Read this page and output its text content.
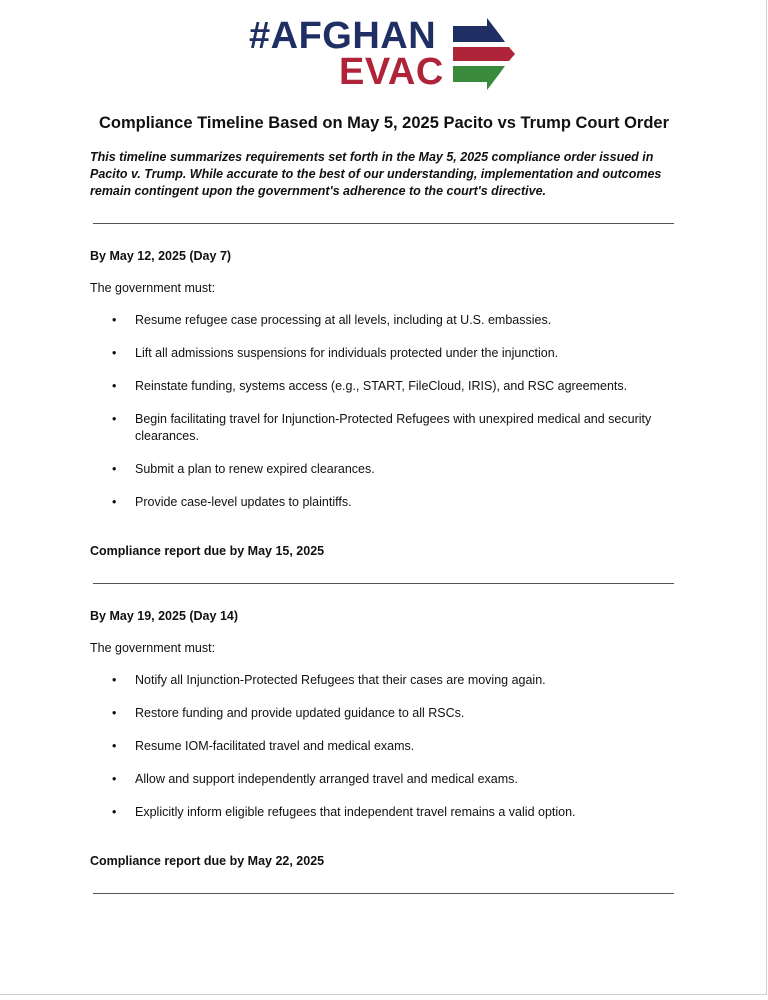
#AFGHAN
EVAC
Compliance Timeline Based on May 5, 2025 Pacito vs Trump Court Order
This timeline summarizes requirements set forth in the May 5, 2025 compliance order issued in Pacito v. Trump. While accurate to the best of our understanding, implementation and outcomes remain contingent upon the government's adherence to the court's directive.
By May 12, 2025 (Day 7)
The government must:
•	Resume refugee case processing at all levels, including at U.S. embassies.
•	Lift all admissions suspensions for individuals protected under the injunction.
•	Reinstate funding, systems access (e.g., START, FileCloud, IRIS), and RSC agreements.
•	Begin facilitating travel for Injunction-Protected Refugees with unexpired medical and security clearances.
•	Submit a plan to renew expired clearances.
•	Provide case-level updates to plaintiffs.
Compliance report due by May 15, 2025
By May 19, 2025 (Day 14)
The government must:
•	Notify all Injunction-Protected Refugees that their cases are moving again.
•	Restore funding and provide updated guidance to all RSCs.
•	Resume IOM-facilitated travel and medical exams.
•	Allow and support independently arranged travel and medical exams.
•	Explicitly inform eligible refugees that independent travel remains a valid option.
Compliance report due by May 22, 2025
